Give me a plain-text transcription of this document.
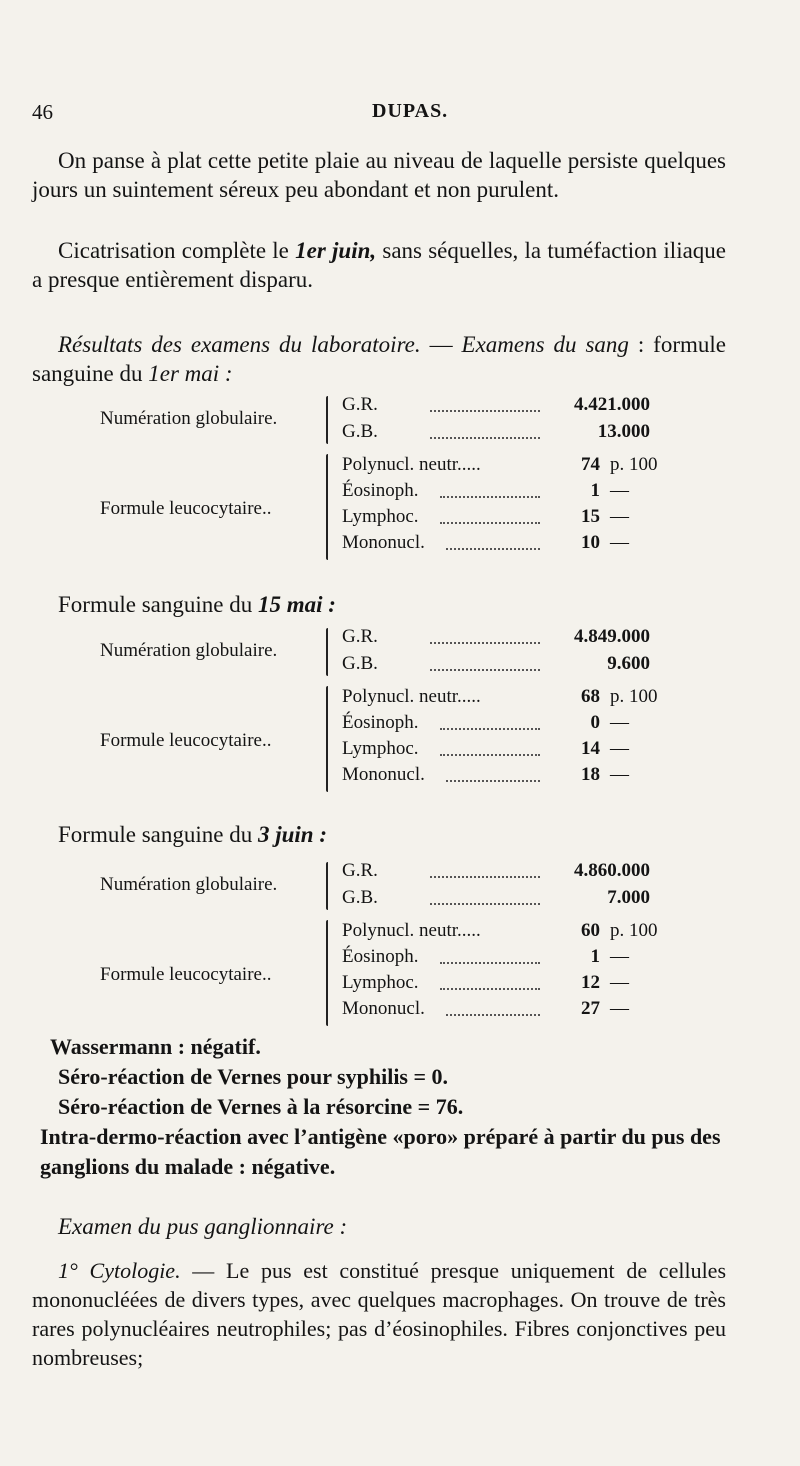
46	DUPAS.
On panse à plat cette petite plaie au niveau de laquelle persiste quelques jours un suintement séreux peu abondant et non purulent.
Cicatrisation complète le 1er juin, sans séquelles, la tuméfaction iliaque a presque entièrement disparu.
Résultats des examens du laboratoire. — Examens du sang : formule sanguine du 1er mai :
Numération globulaire.
G.R.	4.421.000
G.B.	13.000
Formule leucocytaire..
Polynucl. neutr.....	74 p. 100
Éosinoph.	1 —
Lymphoc.	15 —
Mononucl.	10 —
Formule sanguine du 15 mai :
Numération globulaire.
G.R.	4.849.000
G.B.	9.600
Formule leucocytaire..
Polynucl. neutr.....	68 p. 100
Éosinoph.	0 —
Lymphoc.	14 —
Mononucl.	18 —
Formule sanguine du 3 juin :
Numération globulaire.
G.R.	4.860.000
G.B.	7.000
Formule leucocytaire..
Polynucl. neutr.....	60 p. 100
Éosinoph.	1 —
Lymphoc.	12 —
Mononucl.	27 —
Wassermann : négatif.
Séro-réaction de Vernes pour syphilis = 0.
Séro-réaction de Vernes à la résorcine = 76.
Intra-dermo-réaction avec l’antigène «poro» préparé à partir du pus des ganglions du malade : négative.
Examen du pus ganglionnaire :
1° Cytologie. — Le pus est constitué presque uniquement de cellules mononucléées de divers types, avec quelques macrophages. On trouve de très rares polynucléaires neutrophiles; pas d’éosinophiles. Fibres conjonctives peu nombreuses;
